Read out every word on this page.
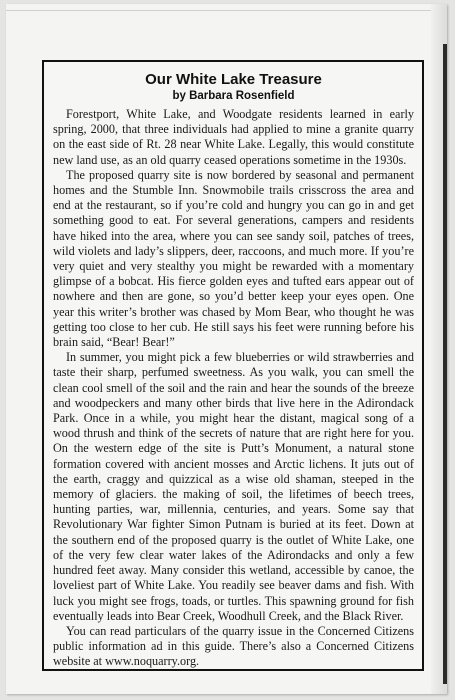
Our White Lake Treasure
by Barbara Rosenfield

Forestport, White Lake, and Woodgate residents learned in early spring, 2000, that three individuals had applied to mine a granite quarry on the east side of Rt. 28 near White Lake. Legally, this would constitute new land use, as an old quarry ceased operations sometime in the 1930s.

The proposed quarry site is now bordered by seasonal and permanent homes and the Stumble Inn. Snowmobile trails crisscross the area and end at the restaurant, so if you’re cold and hungry you can go in and get something good to eat. For several generations, campers and residents have hiked into the area, where you can see sandy soil, patches of trees, wild violets and lady’s slippers, deer, raccoons, and much more. If you’re very quiet and very stealthy you might be rewarded with a momentary glimpse of a bobcat. His fierce golden eyes and tufted ears appear out of nowhere and then are gone, so you’d better keep your eyes open. One year this writer’s brother was chased by Mom Bear, who thought he was getting too close to her cub. He still says his feet were running before his brain said, “Bear! Bear!”

In summer, you might pick a few blueberries or wild strawberries and taste their sharp, perfumed sweetness. As you walk, you can smell the clean cool smell of the soil and the rain and hear the sounds of the breeze and woodpeckers and many other birds that live here in the Adirondack Park. Once in a while, you might hear the distant, magical song of a wood thrush and think of the secrets of nature that are right here for you. On the western edge of the site is Putt’s Monument, a natural stone formation covered with ancient mosses and Arctic lichens. It juts out of the earth, craggy and quizzical as a wise old shaman, steeped in the memory of glaciers. the making of soil, the lifetimes of beech trees, hunting parties, war, millennia, centuries, and years. Some say that Revolutionary War fighter Simon Putnam is buried at its feet. Down at the southern end of the proposed quarry is the outlet of White Lake, one of the very few clear water lakes of the Adirondacks and only a few hundred feet away. Many consider this wetland, accessible by canoe, the loveliest part of White Lake. You readily see beaver dams and fish. With luck you might see frogs, toads, or turtles. This spawning ground for fish eventually leads into Bear Creek, Woodhull Creek, and the Black River.

You can read particulars of the quarry issue in the Concerned Citizens public information ad in this guide. There’s also a Concerned Citizens website at www.noquarry.org.
